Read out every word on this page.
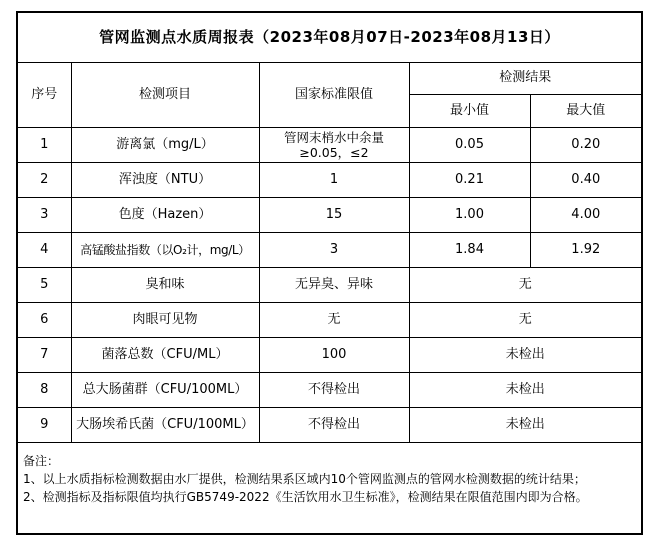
管网监测点水质周报表（2023年08月07日-2023年08月13日）				
序号	检测项目	国家标准限值	检测结果	
			最小值	最大值
1	游离氯（mg/L）	管网末梢水中余量≥0.05，≤2	0.05	0.20
2	浑浊度（NTU）	1	0.21	0.40
3	色度（Hazen）	15	1.00	4.00
4	高锰酸盐指数（以O₂计，mg/L）	3	1.84	1.92
5	臭和味	无异臭、异味	无	
6	肉眼可见物	无	无	
7	菌落总数（CFU/ML）	100	未检出	
8	总大肠菌群（CFU/100ML）	不得检出	未检出	
9	大肠埃希氏菌（CFU/100ML）	不得检出	未检出	

备注：
1、以上水质指标检测数据由水厂提供，检测结果系区域内10个管网监测点的管网水检测数据的统计结果；
2、检测指标及指标限值均执行GB5749-2022《生活饮用水卫生标准》，检测结果在限值范围内即为合格。				
